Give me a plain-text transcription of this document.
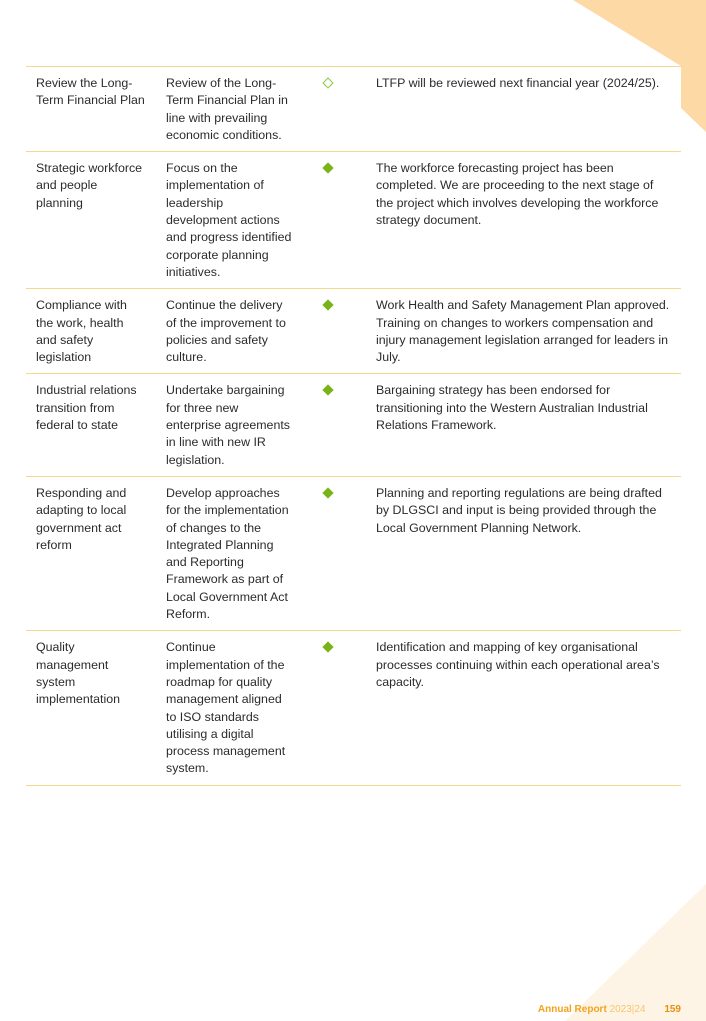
Review the Long-Term Financial Plan	Review of the Long-Term Financial Plan in line with prevailing economic conditions.		LTFP will be reviewed next financial year (2024/25).
Strategic workforce and people planning	Focus on the implementation of leadership development actions and progress identified corporate planning initiatives.		The workforce forecasting project has been completed. We are proceeding to the next stage of the project which involves developing the workforce strategy document.
Compliance with the work, health and safety legislation	Continue the delivery of the improvement to policies and safety culture.		Work Health and Safety Management Plan approved. Training on changes to workers compensation and injury management legislation arranged for leaders in July.
Industrial relations transition from federal to state	Undertake bargaining for three new enterprise agreements in line with new IR legislation.		Bargaining strategy has been endorsed for transitioning into the Western Australian Industrial Relations Framework.
Responding and adapting to local government act reform	Develop approaches for the implementation of changes to the Integrated Planning and Reporting Framework as part of Local Government Act Reform.		Planning and reporting regulations are being drafted by DLGSCI and input is being provided through the Local Government Planning Network.
Quality management system implementation	Continue implementation of the roadmap for quality management aligned to ISO standards utilising a digital process management system.		Identification and mapping of key organisational processes continuing within each operational area’s capacity.
Annual Report 2023|24 159
